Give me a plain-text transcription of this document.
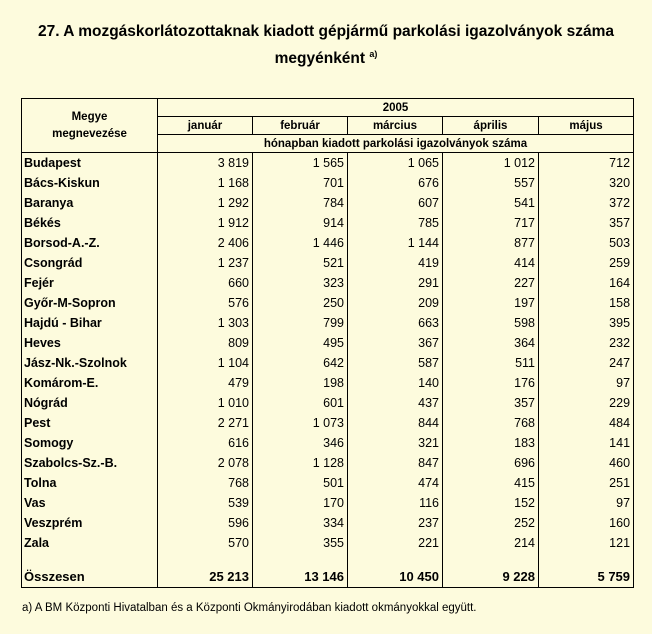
27. A mozgáskorlátozottaknak kiadott gépjármű parkolási igazolványok száma
megyénként $^{a)}$
Megye
megnevezése	2005				
	január	február	március	április	május
	hónapban kiadott parkolási igazolványok száma				
Budapest	3 819	1 565	1 065	1 012	712
Bács-Kiskun	1 168	701	676	557	320
Baranya	1 292	784	607	541	372
Békés	1 912	914	785	717	357
Borsod-A.-Z.	2 406	1 446	1 144	877	503
Csongrád	1 237	521	419	414	259
Fejér	660	323	291	227	164
Győr-M-Sopron	576	250	209	197	158
Hajdú - Bihar	1 303	799	663	598	395
Heves	809	495	367	364	232
Jász-Nk.-Szolnok	1 104	642	587	511	247
Komárom-E.	479	198	140	176	97
Nógrád	1 010	601	437	357	229
Pest	2 271	1 073	844	768	484
Somogy	616	346	321	183	141
Szabolcs-Sz.-B.	2 078	1 128	847	696	460
Tolna	768	501	474	415	251
Vas	539	170	116	152	97
Veszprém	596	334	237	252	160
Zala	570	355	221	214	121

Összesen	25 213	13 146	10 450	9 228	5 759
a) A BM Központi Hivatalban és a Központi Okmányirodában kiadott okmányokkal együtt.
